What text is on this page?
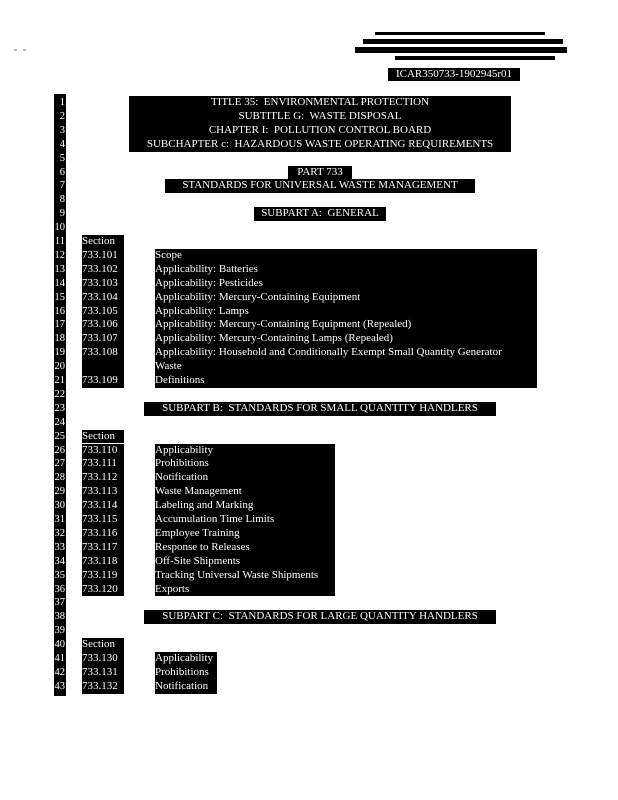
ICAR350733-1902945r01
1
2
3
4
5
6
7
8
9
10
11
12
13
14
15
16
17
18
19
20
21
22
23
24
25
26
27
28
29
30
31
32
33
34
35
36
37
38
39
40
41
42
43
TITLE 35:  ENVIRONMENTAL PROTECTION
SUBTITLE G:  WASTE DISPOSAL
CHAPTER I:  POLLUTION CONTROL BOARD
SUBCHAPTER c:  HAZARDOUS WASTE OPERATING REQUIREMENTS
PART 733
STANDARDS FOR UNIVERSAL WASTE MANAGEMENT
SUBPART A:  GENERAL
Section
733.101	Scope
733.102	Applicability: Batteries
733.103	Applicability: Pesticides
733.104	Applicability: Mercury-Containing Equipment
733.105	Applicability: Lamps
733.106	Applicability: Mercury-Containing Equipment (Repealed)
733.107	Applicability: Mercury-Containing Lamps (Repealed)
733.108	Applicability: Household and Conditionally Exempt Small Quantity Generator
Waste
733.109	Definitions
SUBPART B:  STANDARDS FOR SMALL QUANTITY HANDLERS
Section
733.110	Applicability
733.111	Prohibitions
733.112	Notification
733.113	Waste Management
733.114	Labeling and Marking
733.115	Accumulation Time Limits
733.116	Employee Training
733.117	Response to Releases
733.118	Off-Site Shipments
733.119	Tracking Universal Waste Shipments
733.120	Exports
SUBPART C:  STANDARDS FOR LARGE QUANTITY HANDLERS
Section
733.130	Applicability
733.131	Prohibitions
733.132	Notification
